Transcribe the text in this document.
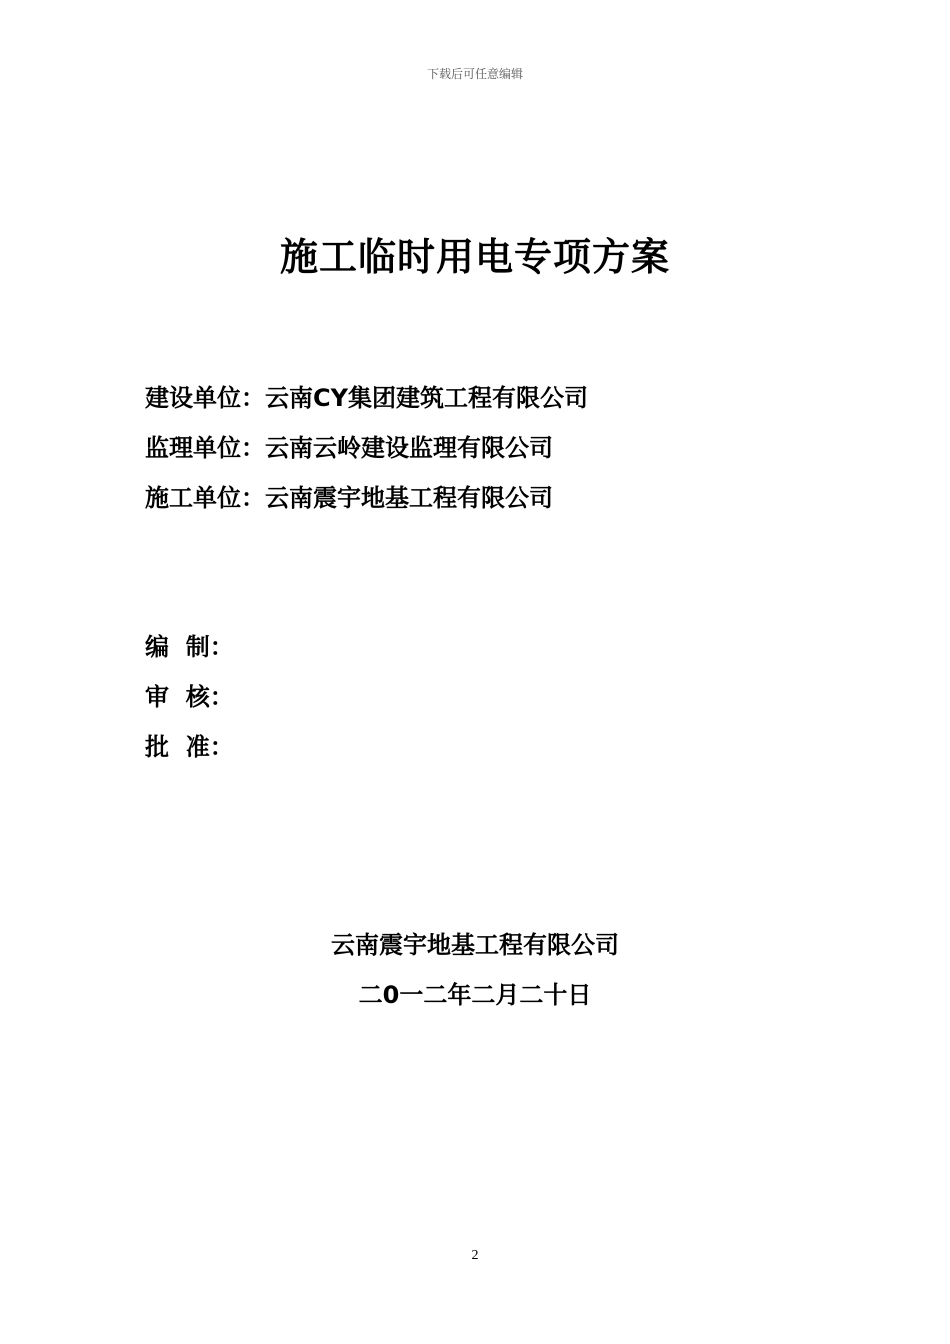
下载后可任意编辑
施工临时用电专项方案
建设单位：云南CY集团建筑工程有限公司
监理单位：云南云岭建设监理有限公司
施工单位：云南震宇地基工程有限公司
编  制：
审  核：
批  准：
云南震宇地基工程有限公司
二0一二年二月二十日
2
